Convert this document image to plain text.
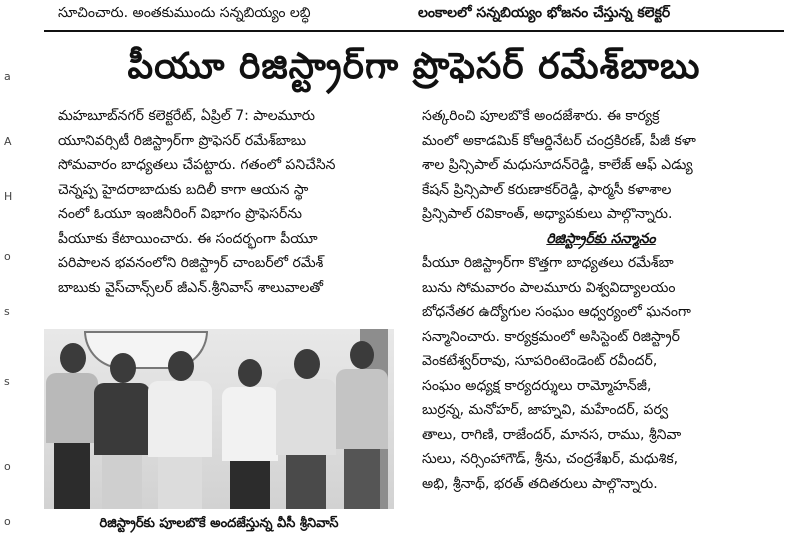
సూచించారు. అంతకుముందు సన్నబియ్యం లబ్ధి	లంకాలలో సన్నబియ్యం భోజనం చేస్తున్న కలెక్టర్
పీయూ రిజిస్ట్రార్‌గా ప్రొఫెసర్ రమేశ్‌బాబు
a
A
H
o
s
s
o
o
మహబూబ్‌నగర్ కలెక్టరేట్, ఏప్రిల్ 7: పాలమూరు
యూనివర్సిటీ రిజిస్ట్రార్‌గా ప్రొఫెసర్ రమేశ్‌బాబు
సోమవారం బాధ్యతలు చేపట్టారు. గతంలో పనిచేసిన
చెన్నప్ప హైదరాబాదుకు బదిలీ కాగా ఆయన స్థా
నంలో ఓయూ ఇంజినీరింగ్ విభాగం ప్రొఫెసర్‌ను
పీయూకు కేటాయించారు. ఈ సందర్భంగా పీయూ
పరిపాలన భవనంలోని రిజిస్ట్రార్ చాంబర్‌లో రమేశ్
బాబుకు వైస్‌చాన్స్‌లర్ జీఎన్.శ్రీనివాస్ శాలువాలతో
రిజిస్ట్రార్‌కు పూలబొకే అందజేస్తున్న వీసీ శ్రీనివాస్
సత్కరించి పూలబొకే అందజేశారు. ఈ కార్యక్ర
మంలో అకాడమిక్ కోఆర్డినేటర్ చంద్రకిరణ్, పీజీ కళా
శాల ప్రిన్సిపాల్ మధుసూదన్‌రెడ్డి, కాలేజ్ ఆఫ్ ఎడ్యు
కేషన్ ప్రిన్సిపాల్ కరుణాకర్‌రెడ్డి, ఫార్మసీ కళాశాల
ప్రిన్సిపాల్ రవికాంత్, అధ్యాపకులు పాల్గొన్నారు.
రిజిస్ట్రార్‌కు సన్మానం
పీయూ రిజిస్ట్రార్‌గా కొత్తగా బాధ్యతలు రమేశ్‌బా
బును సోమవారం పాలమూరు విశ్వవిద్యాలయం
బోధనేతర ఉద్యోగుల సంఘం ఆధ్వర్యంలో ఘనంగా
సన్మానించారు. కార్యక్రమంలో అసిస్టెంట్ రిజిస్ట్రార్
వెంకటేశ్వర్‌రావు, సూపరింటెండెంట్ రవీందర్,
సంఘం అధ్యక్ష కార్యదర్శులు రామ్మోహన్‌జీ,
బుర్రన్న, మనోహర్, జాహ్నవి, మహేందర్, పర్వ
తాలు, రాగిణి, రాజేందర్, మానస, రాము, శ్రీనివా
సులు, నర్సింహాగౌడ్, శ్రీను, చంద్రశేఖర్, మధుశిక,
అభి, శ్రీనాథ్, భరత్ తదితరులు పాల్గొన్నారు.
